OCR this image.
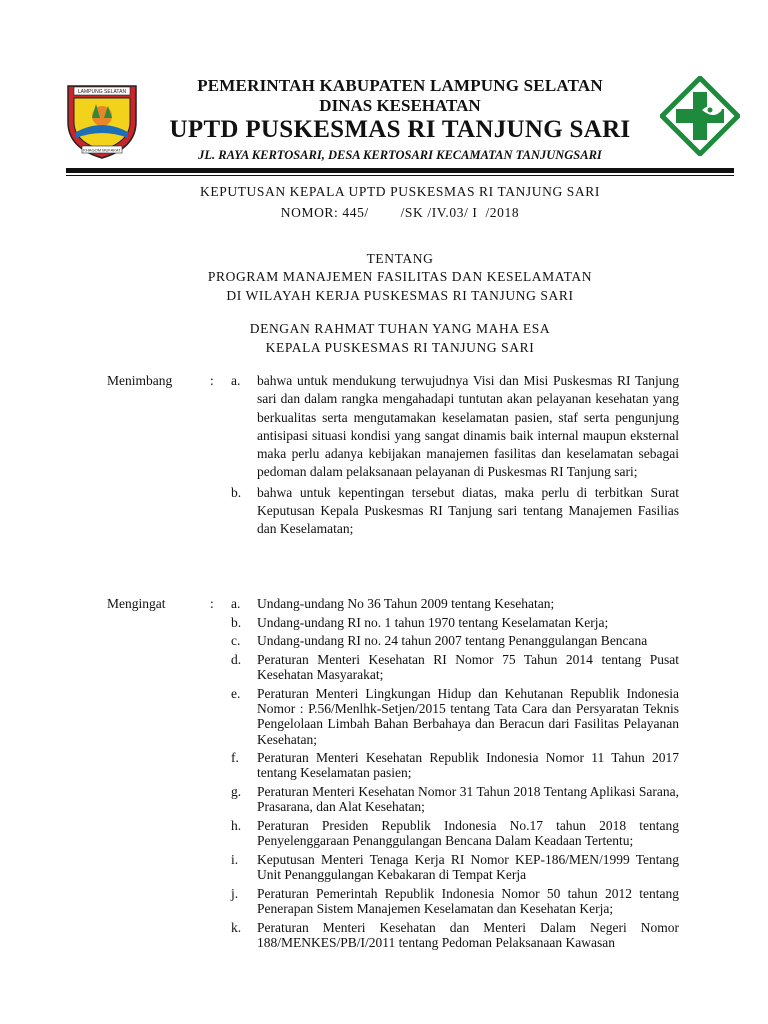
LAMPUNG SELATAN
KHAGOM MUFAKAT
PEMERINTAH KABUPATEN LAMPUNG SELATAN
DINAS KESEHATAN
UPTD PUSKESMAS RI TANJUNG SARI
JL. RAYA KERTOSARI, DESA KERTOSARI KECAMATAN TANJUNGSARI
KEPUTUSAN KEPALA UPTD PUSKESMAS RI TANJUNG SARI
NOMOR: 445/        /SK /IV.03/ I  /2018
TENTANG
PROGRAM MANAJEMEN FASILITAS DAN KESELAMATAN
DI WILAYAH KERJA PUSKESMAS RI TANJUNG SARI
DENGAN RAHMAT TUHAN YANG MAHA ESA
KEPALA PUSKESMAS RI TANJUNG SARI
Menimbang	: a. bahwa untuk mendukung terwujudnya Visi dan Misi Puskesmas RI Tanjung sari dan dalam rangka mengahadapi tuntutan akan pelayanan kesehatan yang berkualitas serta mengutamakan keselamatan pasien, staf serta pengunjung antisipasi situasi kondisi yang sangat dinamis baik internal maupun eksternal maka perlu adanya kebijakan manajemen fasilitas dan keselamatan sebagai pedoman dalam pelaksanaan pelayanan di Puskesmas RI Tanjung sari;
b. bahwa untuk kepentingan tersebut diatas, maka perlu di terbitkan Surat Keputusan Kepala Puskesmas RI Tanjung sari tentang Manajemen Fasilias dan Keselamatan;
Mengingat	: a. Undang-undang No 36 Tahun 2009 tentang Kesehatan;
b. Undang-undang RI no. 1 tahun 1970 tentang Keselamatan Kerja;
c. Undang-undang RI no. 24 tahun 2007 tentang Penanggulangan Bencana
d. Peraturan Menteri Kesehatan RI Nomor 75 Tahun 2014 tentang Pusat Kesehatan Masyarakat;
e. Peraturan Menteri Lingkungan Hidup dan Kehutanan Republik Indonesia Nomor : P.56/Menlhk-Setjen/2015 tentang Tata Cara dan Persyaratan Teknis Pengelolaan Limbah Bahan Berbahaya dan Beracun dari Fasilitas Pelayanan Kesehatan;
f. Peraturan Menteri Kesehatan Republik Indonesia Nomor 11 Tahun 2017 tentang Keselamatan pasien;
g. Peraturan Menteri Kesehatan Nomor 31 Tahun 2018 Tentang Aplikasi Sarana, Prasarana, dan Alat Kesehatan;
h. Peraturan Presiden Republik Indonesia No.17 tahun 2018 tentang Penyelenggaraan Penanggulangan Bencana Dalam Keadaan Tertentu;
i. Keputusan Menteri Tenaga Kerja RI Nomor KEP-186/MEN/1999 Tentang Unit Penanggulangan Kebakaran di Tempat Kerja
j. Peraturan Pemerintah Republik Indonesia Nomor 50 tahun 2012 tentang Penerapan Sistem Manajemen Keselamatan dan Kesehatan Kerja;
k. Peraturan Menteri Kesehatan dan Menteri Dalam Negeri Nomor 188/MENKES/PB/I/2011 tentang Pedoman Pelaksanaan Kawasan
